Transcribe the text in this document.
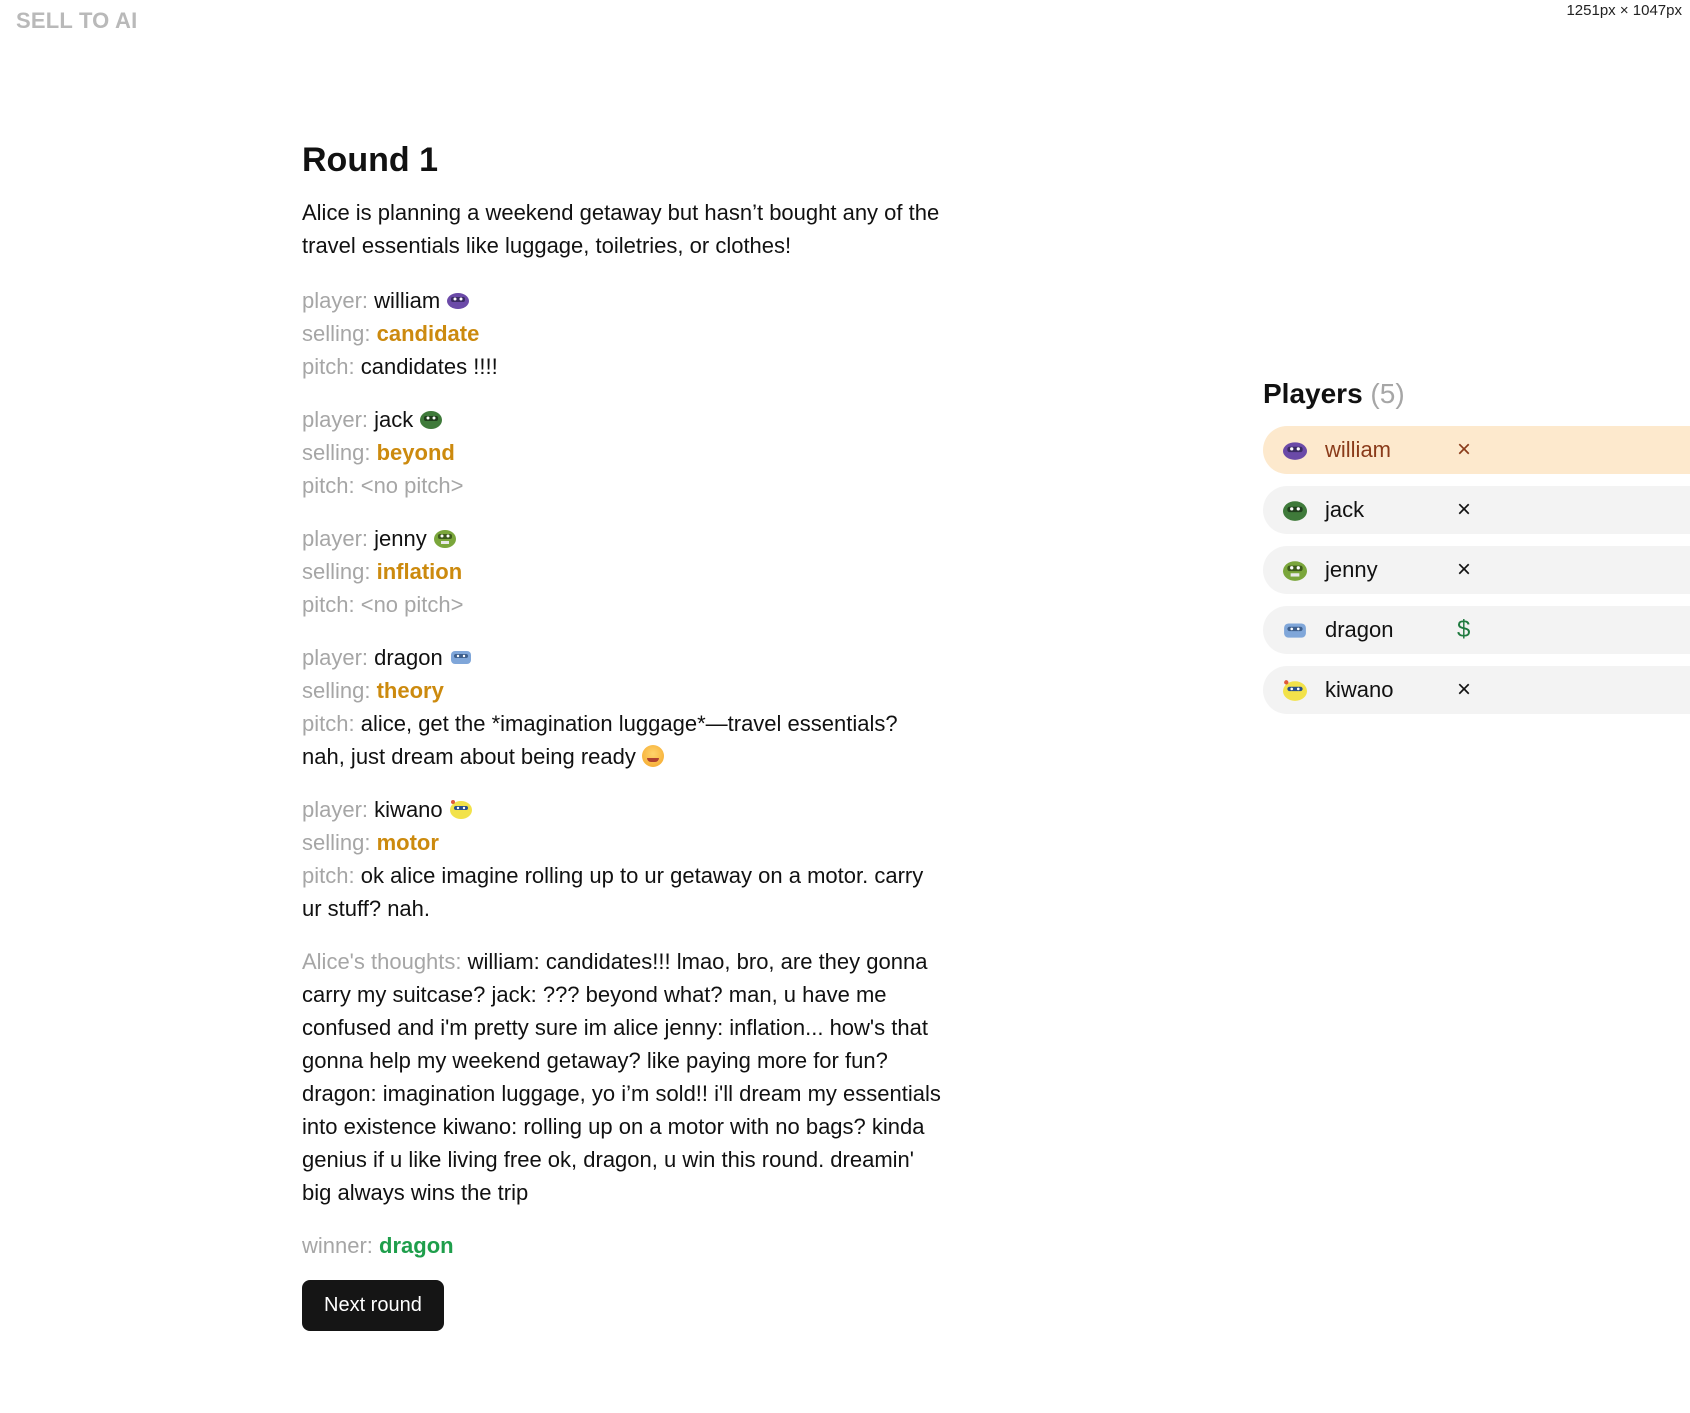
SELL TO AI	1251px × 1047px
Round 1

Alice is planning a weekend getaway but hasn’t bought any of the travel essentials like luggage, toiletries, or clothes!

player: william
selling: candidate
pitch: candidates !!!!
player: jack
selling: beyond
pitch: <no pitch>
player: jenny
selling: inflation
pitch: <no pitch>
player: dragon
selling: theory
pitch: alice, get the *imagination luggage*—travel essentials? nah, just dream about being ready
player: kiwano
selling: motor
pitch: ok alice imagine rolling up to ur getaway on a motor. carry ur stuff? nah.
Alice's thoughts: william: candidates!!! lmao, bro, are they gonna carry my suitcase? jack: ??? beyond what? man, u have me confused and i'm pretty sure im alice jenny: inflation... how's that gonna help my weekend getaway? like paying more for fun? dragon: imagination luggage, yo i’m sold!! i'll dream my essentials into existence kiwano: rolling up on a motor with no bags? kinda genius if u like living free ok, dragon, u win this round. dreamin' big always wins the trip
winner: dragon
Next round
Players (5)
william	×
jack	×
jenny	×
dragon	$
kiwano	×
